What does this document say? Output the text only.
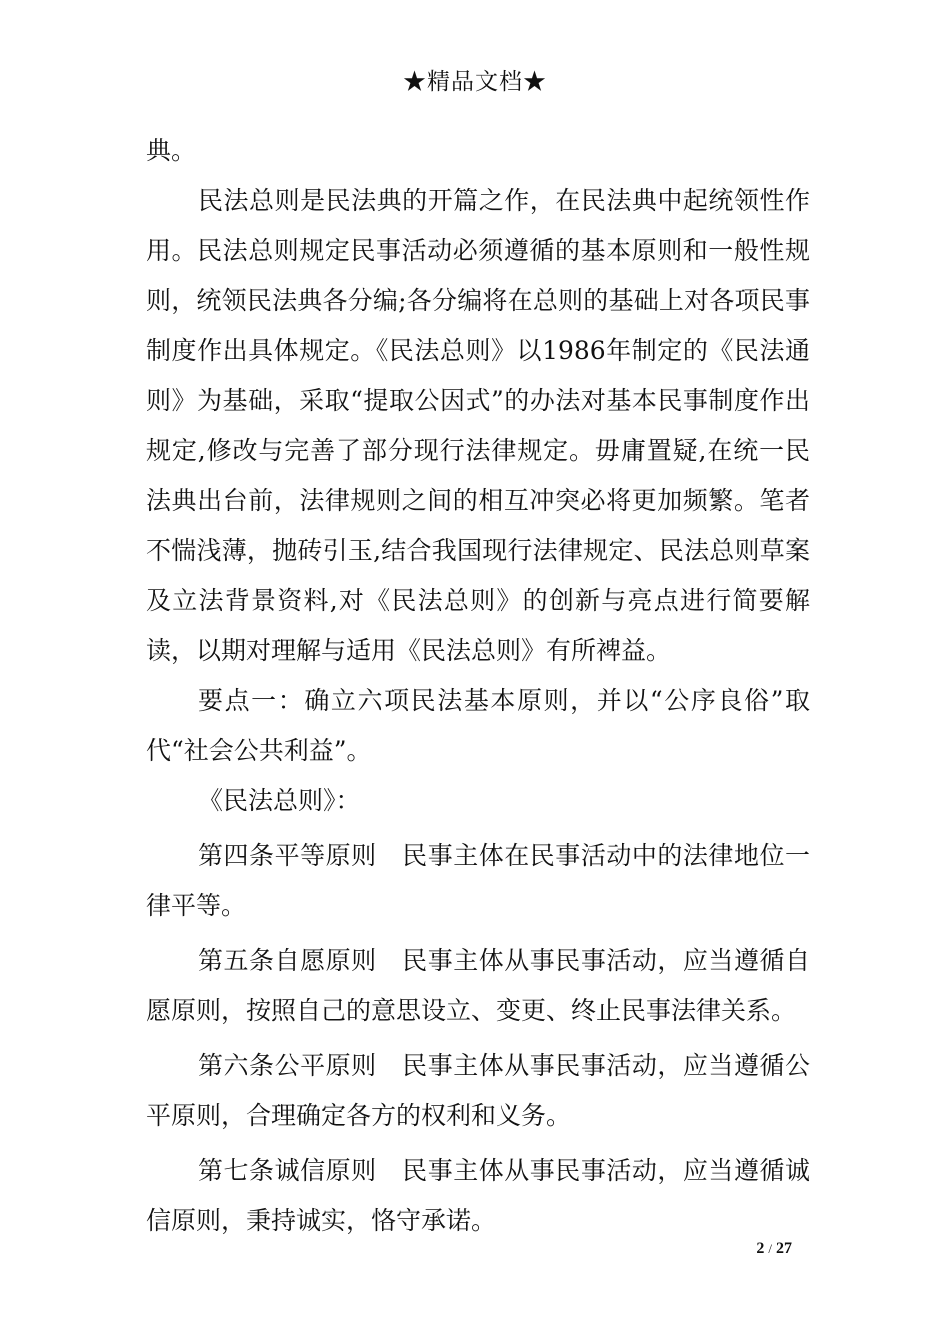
★精品文档★

典。

民法总则是民法典的开篇之作，在民法典中起统领性作用。民法总则规定民事活动必须遵循的基本原则和一般性规则，统领民法典各分编;各分编将在总则的基础上对各项民事制度作出具体规定。《民法总则》以1986年制定的《民法通则》为基础，采取“提取公因式”的办法对基本民事制度作出规定,修改与完善了部分现行法律规定。毋庸置疑,在统一民法典出台前，法律规则之间的相互冲突必将更加频繁。笔者不惴浅薄，抛砖引玉,结合我国现行法律规定、民法总则草案及立法背景资料,对《民法总则》的创新与亮点进行简要解读，以期对理解与适用《民法总则》有所裨益。

要点一：确立六项民法基本原则，并以“公序良俗”取代“社会公共利益”。

《民法总则》：

第四条平等原则　民事主体在民事活动中的法律地位一律平等。

第五条自愿原则　民事主体从事民事活动，应当遵循自愿原则，按照自己的意思设立、变更、终止民事法律关系。

第六条公平原则　民事主体从事民事活动，应当遵循公平原则，合理确定各方的权利和义务。

第七条诚信原则　民事主体从事民事活动，应当遵循诚信原则，秉持诚实，恪守承诺。

2 / 27
